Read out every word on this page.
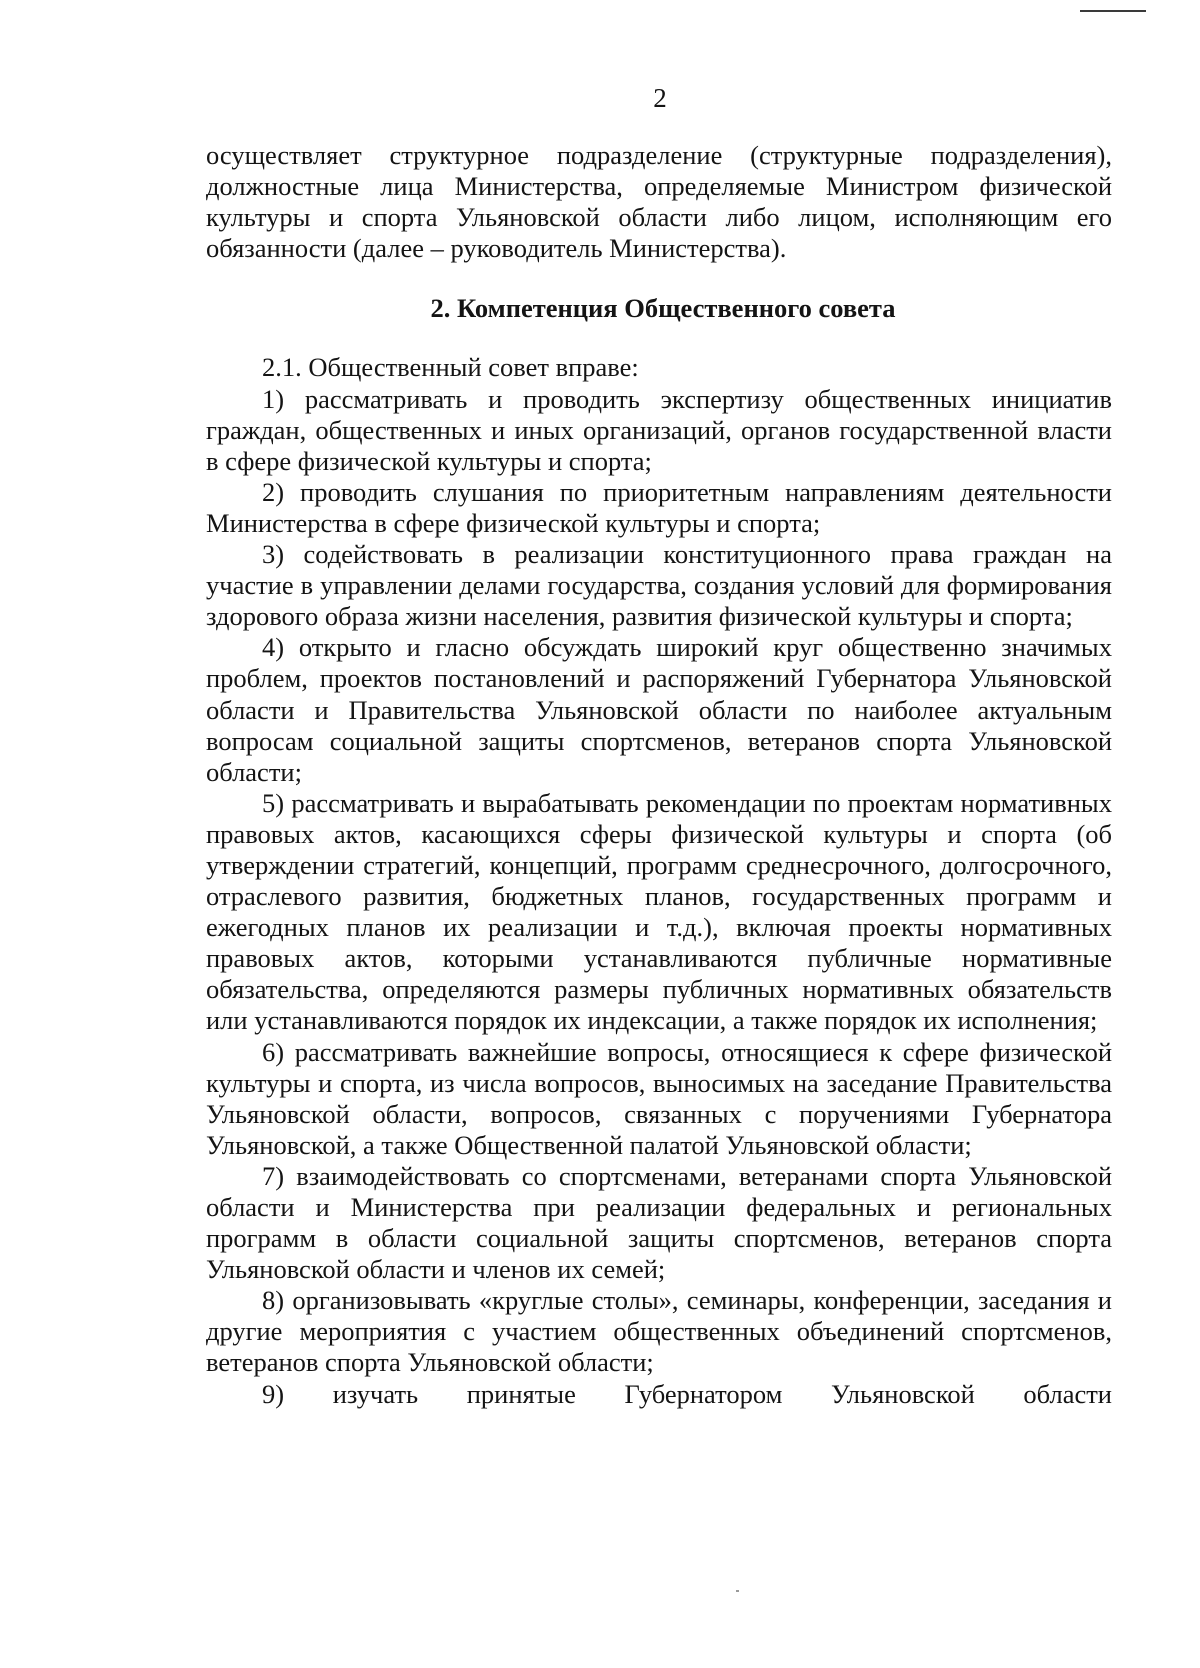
2

осуществляет структурное подразделение (структурные подразделения), должностные лица Министерства, определяемые Министром физической культуры и спорта Ульяновской области либо лицом, исполняющим его обязанности (далее – руководитель Министерства).

2. Компетенция Общественного совета

2.1. Общественный совет вправе:

1) рассматривать и проводить экспертизу общественных инициатив граждан, общественных и иных организаций, органов государственной власти в сфере физической культуры и спорта;

2) проводить слушания по приоритетным направлениям деятельности Министерства в сфере физической культуры и спорта;

3) содействовать в реализации конституционного права граждан на участие в управлении делами государства, создания условий для формирования здорового образа жизни населения, развития физической культуры и спорта;

4) открыто и гласно обсуждать широкий круг общественно значимых проблем, проектов постановлений и распоряжений Губернатора Ульяновской области и Правительства Ульяновской области по наиболее актуальным вопросам социальной защиты спортсменов, ветеранов спорта Ульяновской области;

5) рассматривать и вырабатывать рекомендации по проектам нормативных правовых актов, касающихся сферы физической культуры и спорта (об утверждении стратегий, концепций, программ среднесрочного, долгосрочного, отраслевого развития, бюджетных планов, государственных программ и ежегодных планов их реализации и т.д.), включая проекты нормативных правовых актов, которыми устанавливаются публичные нормативные обязательства, определяются размеры публичных нормативных обязательств или устанавливаются порядок их индексации, а также порядок их исполнения;

6) рассматривать важнейшие вопросы, относящиеся к сфере физической культуры и спорта, из числа вопросов, выносимых на заседание Правительства Ульяновской области, вопросов, связанных с поручениями Губернатора Ульяновской, а также Общественной палатой Ульяновской области;

7) взаимодействовать со спортсменами, ветеранами спорта Ульяновской области и Министерства при реализации федеральных и региональных программ в области социальной защиты спортсменов, ветеранов спорта Ульяновской области и членов их семей;

8) организовывать «круглые столы», семинары, конференции, заседания и другие мероприятия с участием общественных объединений спортсменов, ветеранов спорта Ульяновской области;

9) изучать принятые Губернатором Ульяновской области
